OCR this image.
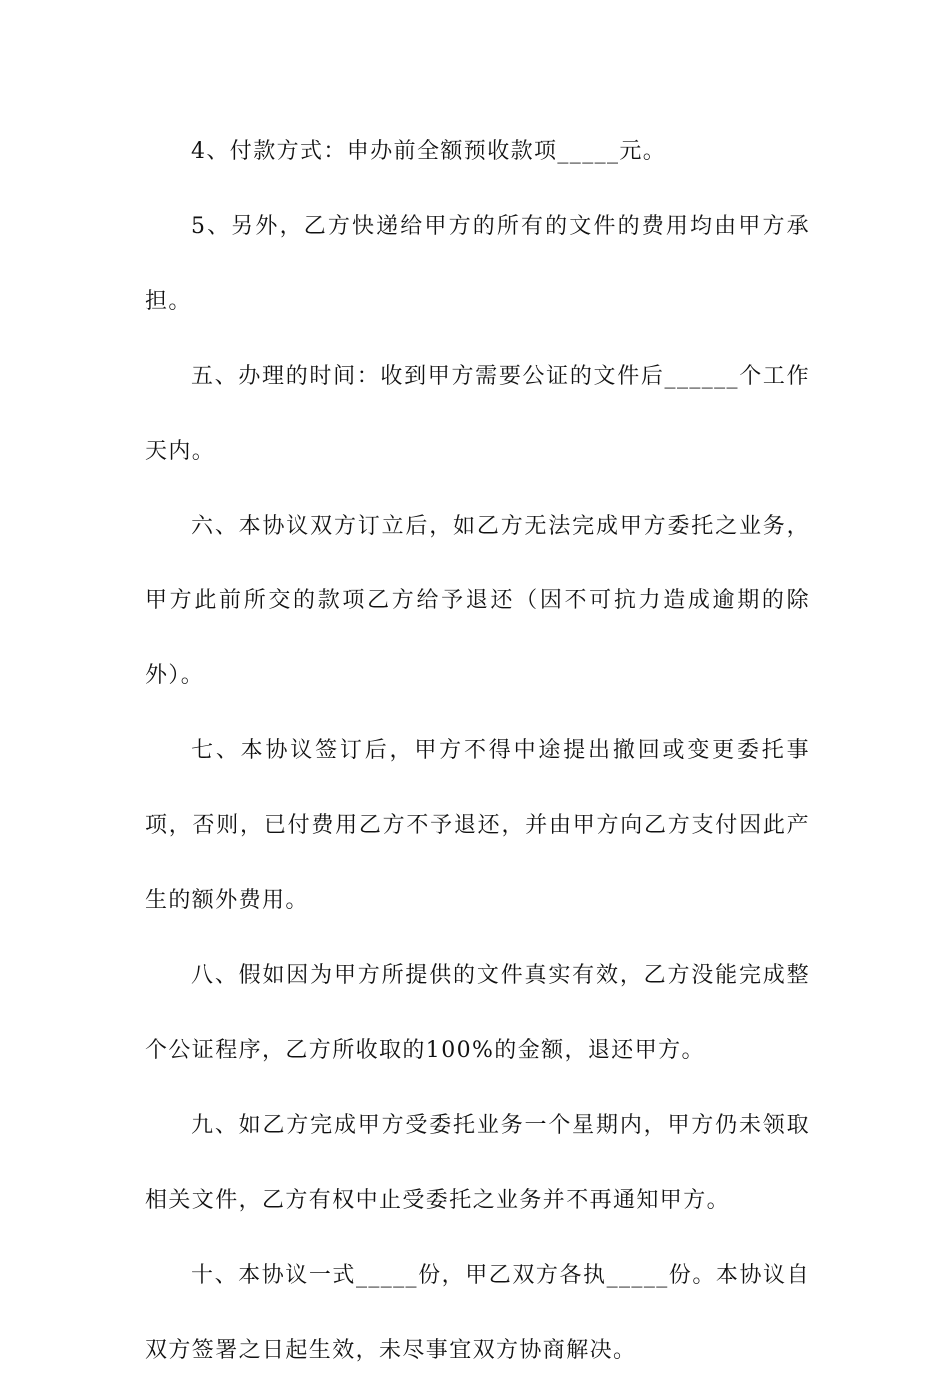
4、付款方式：申办前全额预收款项_____元。

5、另外，乙方快递给甲方的所有的文件的费用均由甲方承担。

五、办理的时间：收到甲方需要公证的文件后______个工作天内。

六、本协议双方订立后，如乙方无法完成甲方委托之业务，甲方此前所交的款项乙方给予退还（因不可抗力造成逾期的除外）。

七、本协议签订后，甲方不得中途提出撤回或变更委托事项，否则，已付费用乙方不予退还，并由甲方向乙方支付因此产生的额外费用。

八、假如因为甲方所提供的文件真实有效，乙方没能完成整个公证程序，乙方所收取的100%的金额，退还甲方。

九、如乙方完成甲方受委托业务一个星期内，甲方仍未领取相关文件，乙方有权中止受委托之业务并不再通知甲方。

十、本协议一式_____份，甲乙双方各执_____份。本协议自双方签署之日起生效，未尽事宜双方协商解决。
